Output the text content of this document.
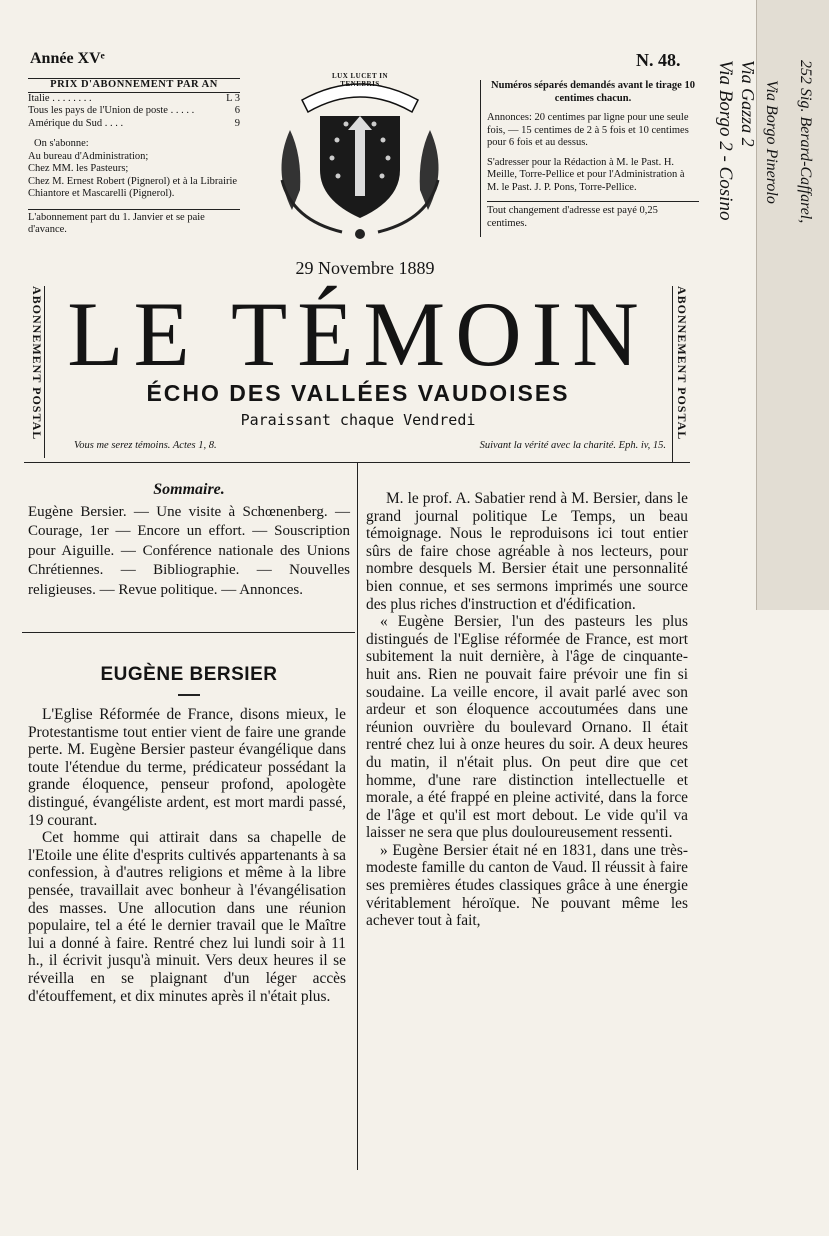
Année XVᵉ	N. 48.
PRIX D'ABONNEMENT PAR AN
Italie . . . . . . . .	L 3
Tous les pays de l'Union de poste . . . . .	6
Amérique du Sud . . . .	9
On s'abonne:
Au bureau d'Administration;
Chez MM. les Pasteurs;
Chez M. Ernest Robert (Pignerol) et à la Librairie Chiantore et Mascarelli (Pignerol).
L'abonnement part du 1. Janvier et se paie d'avance.
LUX LUCET IN TENEBRIS	Numéros séparés demandés avant le tirage 10 centimes chacun.

Annonces: 20 centimes par ligne pour une seule fois, — 15 centimes de 2 à 5 fois et 10 centimes pour 6 fois et au dessus.

S'adresser pour la Rédaction à M. le Past. H. Meille, Torre-Pellice et pour l'Administration à M. le Past. J. P. Pons, Torre-Pellice.

Tout changement d'adresse est payé 0,25 centimes.

29 Novembre 1889
ABONNEMENT POSTAL	ABONNEMENT POSTAL
LE TÉMOIN
ÉCHO DES VALLÉES VAUDOISES
Paraissant chaque Vendredi
Vous me serez témoins. Actes 1, 8.	Suivant la vérité avec la charité. Eph. iv, 15.
Sommaire.
Eugène Bersier. — Une visite à Schœnenberg. — Courage, 1er — Encore un effort. — Souscription pour Aiguille. — Conférence nationale des Unions Chrétiennes. — Bibliographie. — Nouvelles religieuses. — Revue politique. — Annonces.
EUGÈNE BERSIER

L'Eglise Réformée de France, disons mieux, le Protestantisme tout entier vient de faire une grande perte. M. Eugène Bersier pasteur évangélique dans toute l'étendue du terme, prédicateur possédant la grande éloquence, penseur profond, apologète distingué, évangéliste ardent, est mort mardi passé, 19 courant.

Cet homme qui attirait dans sa chapelle de l'Etoile une élite d'esprits cultivés appartenants à sa confession, à d'autres religions et même à la libre pensée, travaillait avec bonheur à l'évangélisation des masses. Une allocution dans une réunion populaire, tel a été le dernier travail que le Maître lui a donné à faire. Rentré chez lui lundi soir à 11 h., il écrivit jusqu'à minuit. Vers deux heures il se réveilla en se plaignant d'un léger accès d'étouffement, et dix minutes après il n'était plus.

M. le prof. A. Sabatier rend à M. Bersier, dans le grand journal politique Le Temps, un beau témoignage. Nous le reproduisons ici tout entier sûrs de faire chose agréable à nos lecteurs, pour nombre desquels M. Bersier était une personnalité bien connue, et ses sermons imprimés une source des plus riches d'instruction et d'édification.

« Eugène Bersier, l'un des pasteurs les plus distingués de l'Eglise réformée de France, est mort subitement la nuit dernière, à l'âge de cinquante-huit ans. Rien ne pouvait faire prévoir une fin si soudaine. La veille encore, il avait parlé avec son ardeur et son éloquence accoutumées dans une réunion ouvrière du boulevard Ornano. Il était rentré chez lui à onze heures du soir. A deux heures du matin, il n'était plus. On peut dire que cet homme, d'une rare distinction intellectuelle et morale, a été frappé en pleine activité, dans la force de l'âge et qu'il est mort debout. Le vide qu'il va laisser ne sera que plus douloureusement ressenti.

» Eugène Bersier était né en 1831, dans une très-modeste famille du canton de Vaud. Il réussit à faire ses premières études classiques grâce à une énergie véritablement héroïque. Ne pouvant même les achever tout à fait,

252 Sig. Berard-Caffarel,
Via Borgo Pinerolo
Via Gazza 2
Via Borgo 2 - Cosino
